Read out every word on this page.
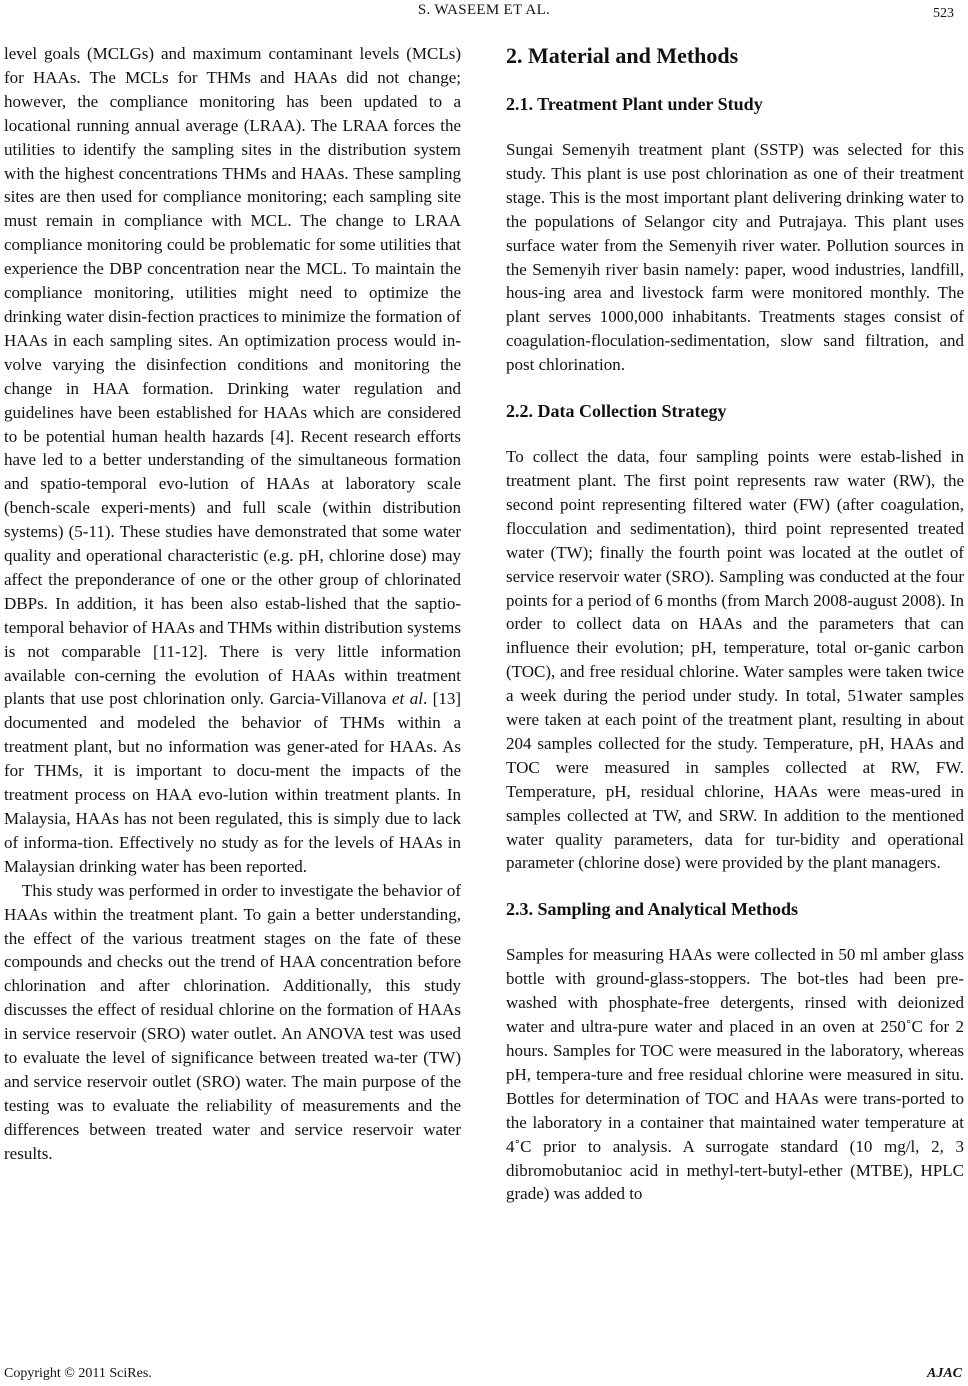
S. WASEEM ET AL.	523

level goals (MCLGs) and maximum contaminant levels (MCLs) for HAAs. The MCLs for THMs and HAAs did not change; however, the compliance monitoring has been updated to a locational running annual average (LRAA). The LRAA forces the utilities to identify the sampling sites in the distribution system with the highest concentrations THMs and HAAs. These sampling sites are then used for compliance monitoring; each sampling site must remain in compliance with MCL. The change to LRAA compliance monitoring could be problematic for some utilities that experience the DBP concentration near the MCL. To maintain the compliance monitoring, utilities might need to optimize the drinking water disin-fection practices to minimize the formation of HAAs in each sampling sites. An optimization process would in-volve varying the disinfection conditions and monitoring the change in HAA formation. Drinking water regulation and guidelines have been established for HAAs which are considered to be potential human health hazards [4]. Recent research efforts have led to a better understanding of the simultaneous formation and spatio-temporal evo-lution of HAAs at laboratory scale (bench-scale experi-ments) and full scale (within distribution systems) (5-11). These studies have demonstrated that some water quality and operational characteristic (e.g. pH, chlorine dose) may affect the preponderance of one or the other group of chlorinated DBPs. In addition, it has been also estab-lished that the saptio-temporal behavior of HAAs and THMs within distribution systems is not comparable [11-12]. There is very little information available con-cerning the evolution of HAAs within treatment plants that use post chlorination only. Garcia-Villanova et al. [13] documented and modeled the behavior of THMs within a treatment plant, but no information was gener-ated for HAAs. As for THMs, it is important to docu-ment the impacts of the treatment process on HAA evo-lution within treatment plants. In Malaysia, HAAs has not been regulated, this is simply due to lack of informa-tion. Effectively no study as for the levels of HAAs in Malaysian drinking water has been reported.

This study was performed in order to investigate the behavior of HAAs within the treatment plant. To gain a better understanding, the effect of the various treatment stages on the fate of these compounds and checks out the trend of HAA concentration before chlorination and after chlorination. Additionally, this study discusses the effect of residual chlorine on the formation of HAAs in service reservoir (SRO) water outlet. An ANOVA test was used to evaluate the level of significance between treated wa-ter (TW) and service reservoir outlet (SRO) water. The main purpose of the testing was to evaluate the reliability of measurements and the differences between treated water and service reservoir water results.

2. Material and Methods
2.1. Treatment Plant under Study

Sungai Semenyih treatment plant (SSTP) was selected for this study. This plant is use post chlorination as one of their treatment stage. This is the most important plant delivering drinking water to the populations of Selangor city and Putrajaya. This plant uses surface water from the Semenyih river water. Pollution sources in the Semenyih river basin namely: paper, wood industries, landfill, hous-ing area and livestock farm were monitored monthly. The plant serves 1000,000 inhabitants. Treatments stages consist of coagulation-floculation-sedimentation, slow sand filtration, and post chlorination.

2.2. Data Collection Strategy

To collect the data, four sampling points were estab-lished in treatment plant. The first point represents raw water (RW), the second point representing filtered water (FW) (after coagulation, flocculation and sedimentation), third point represented treated water (TW); finally the fourth point was located at the outlet of service reservoir water (SRO). Sampling was conducted at the four points for a period of 6 months (from March 2008-august 2008). In order to collect data on HAAs and the parameters that can influence their evolution; pH, temperature, total or-ganic carbon (TOC), and free residual chlorine. Water samples were taken twice a week during the period under study. In total, 51water samples were taken at each point of the treatment plant, resulting in about 204 samples collected for the study. Temperature, pH, HAAs and TOC were measured in samples collected at RW, FW. Temperature, pH, residual chlorine, HAAs were meas-ured in samples collected at TW, and SRW. In addition to the mentioned water quality parameters, data for tur-bidity and operational parameter (chlorine dose) were provided by the plant managers.

2.3. Sampling and Analytical Methods

Samples for measuring HAAs were collected in 50 ml amber glass bottle with ground-glass-stoppers. The bot-tles had been pre-washed with phosphate-free detergents, rinsed with deionized water and ultra-pure water and placed in an oven at 250˚C for 2 hours. Samples for TOC were measured in the laboratory, whereas pH, tempera-ture and free residual chlorine were measured in situ. Bottles for determination of TOC and HAAs were trans-ported to the laboratory in a container that maintained water temperature at 4˚C prior to analysis. A surrogate standard (10 mg/l, 2, 3 dibromobutanioc acid in methyl-tert-butyl-ether (MTBE), HPLC grade) was added to

Copyright © 2011 SciRes.	AJAC
